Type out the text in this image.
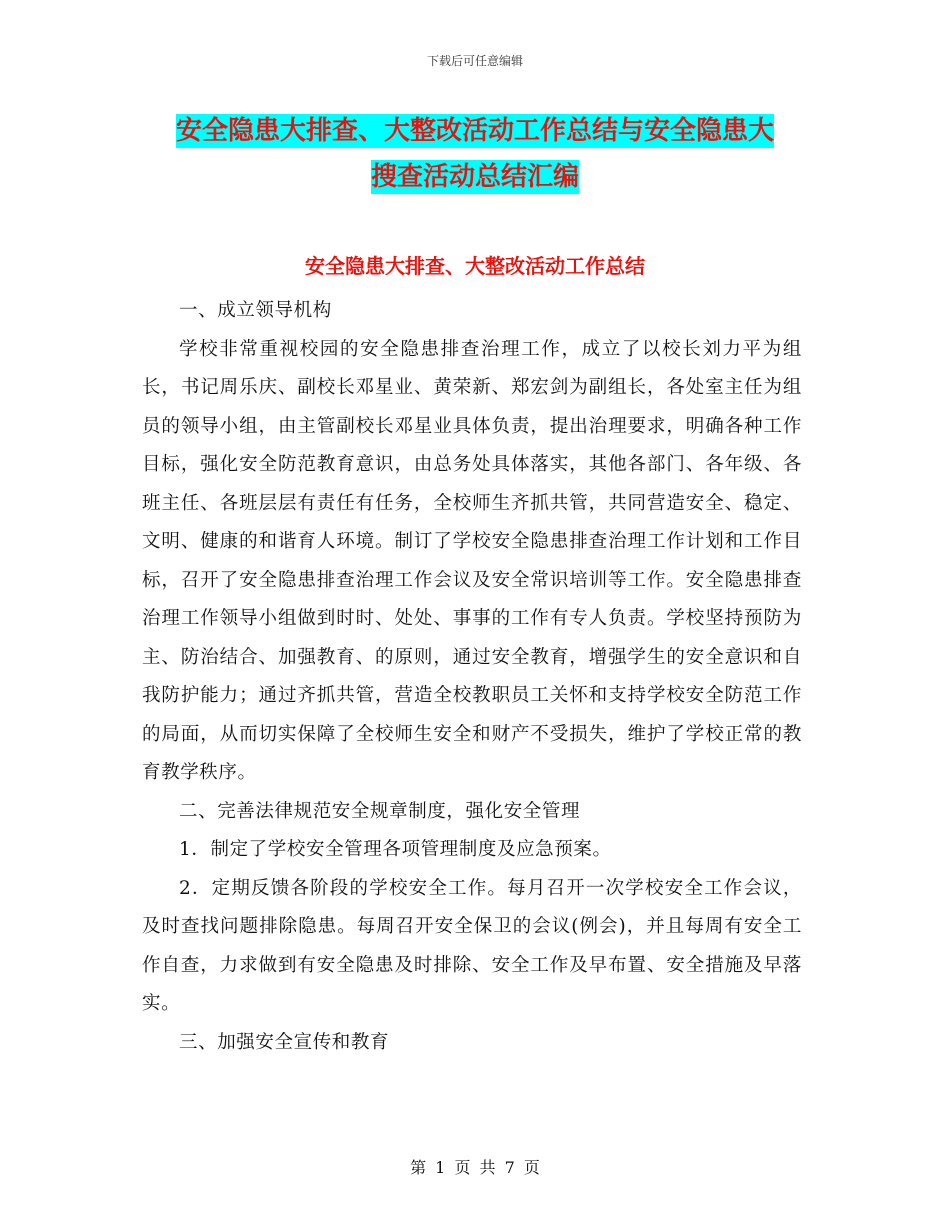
下载后可任意编辑
安全隐患大排查、大整改活动工作总结与安全隐患大
搜查活动总结汇编
安全隐患大排查、大整改活动工作总结

一、成立领导机构

学校非常重视校园的安全隐患排查治理工作，成立了以校长刘力平为组长，书记周乐庆、副校长邓星业、黄荣新、郑宏剑为副组长，各处室主任为组员的领导小组，由主管副校长邓星业具体负责，提出治理要求，明确各种工作目标，强化安全防范教育意识，由总务处具体落实，其他各部门、各年级、各班主任、各班层层有责任有任务，全校师生齐抓共管，共同营造安全、稳定、文明、健康的和谐育人环境。制订了学校安全隐患排查治理工作计划和工作目标，召开了安全隐患排查治理工作会议及安全常识培训等工作。安全隐患排查治理工作领导小组做到时时、处处、事事的工作有专人负责。学校坚持预防为主、防治结合、加强教育、的原则，通过安全教育，增强学生的安全意识和自我防护能力；通过齐抓共管，营造全校教职员工关怀和支持学校安全防范工作的局面，从而切实保障了全校师生安全和财产不受损失，维护了学校正常的教育教学秩序。

二、完善法律规范安全规章制度，强化安全管理

1．制定了学校安全管理各项管理制度及应急预案。

2．定期反馈各阶段的学校安全工作。每月召开一次学校安全工作会议，及时查找问题排除隐患。每周召开安全保卫的会议(例会)，并且每周有安全工作自查，力求做到有安全隐患及时排除、安全工作及早布置、安全措施及早落实。

三、加强安全宣传和教育

第 1 页 共 7 页
